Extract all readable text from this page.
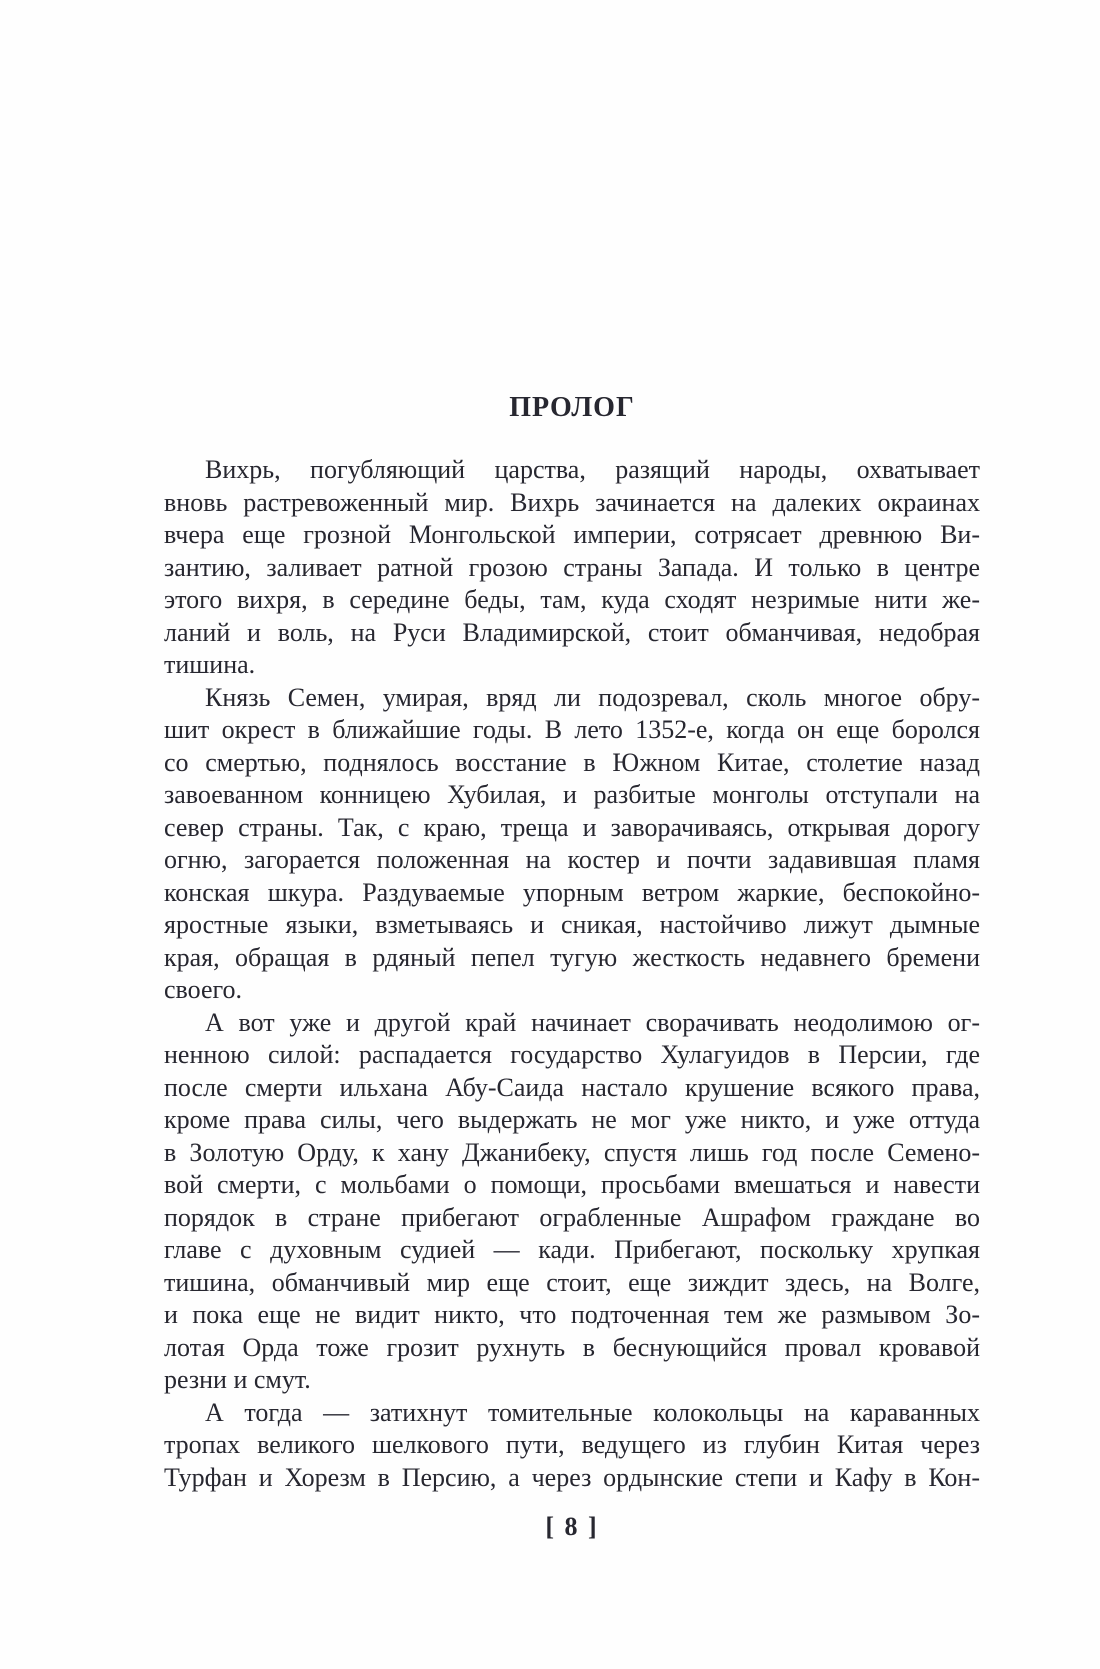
ПРОЛОГ
Вихрь, погубляющий царства, разящий народы, охватывает
вновь растревоженный мир. Вихрь зачинается на далеких окраинах
вчера еще грозной Монгольской империи, сотрясает древнюю Ви-
зантию, заливает ратной грозою страны Запада. И только в центре
этого вихря, в середине беды, там, куда сходят незримые нити же-
ланий и воль, на Руси Владимирской, стоит обманчивая, недобрая
тишина.
Князь Семен, умирая, вряд ли подозревал, сколь многое обру-
шит окрест в ближайшие годы. В лето 1352-е, когда он еще боролся
со смертью, поднялось восстание в Южном Китае, столетие назад
завоеванном конницею Хубилая, и разбитые монголы отступали на
север страны. Так, с краю, треща и заворачиваясь, открывая дорогу
огню, загорается положенная на костер и почти задавившая пламя
конская шкура. Раздуваемые упорным ветром жаркие, беспокойно-
яростные языки, взметываясь и сникая, настойчиво лижут дымные
края, обращая в рдяный пепел тугую жесткость недавнего бремени
своего.
А вот уже и другой край начинает сворачивать неодолимою ог-
ненною силой: распадается государство Хулагуидов в Персии, где
после смерти ильхана Абу-Саида настало крушение всякого права,
кроме права силы, чего выдержать не мог уже никто, и уже оттуда
в Золотую Орду, к хану Джанибеку, спустя лишь год после Семено-
вой смерти, с мольбами о помощи, просьбами вмешаться и навести
порядок в стране прибегают ограбленные Ашрафом граждане во
главе с духовным судией — кади. Прибегают, поскольку хрупкая
тишина, обманчивый мир еще стоит, еще зиждит здесь, на Волге,
и пока еще не видит никто, что подточенная тем же размывом Зо-
лотая Орда тоже грозит рухнуть в беснующийся провал кровавой
резни и смут.
А тогда — затихнут томительные колокольцы на караванных
тропах великого шелкового пути, ведущего из глубин Китая через
Турфан и Хорезм в Персию, а через ордынские степи и Кафу в Кон-
[ 8 ]
